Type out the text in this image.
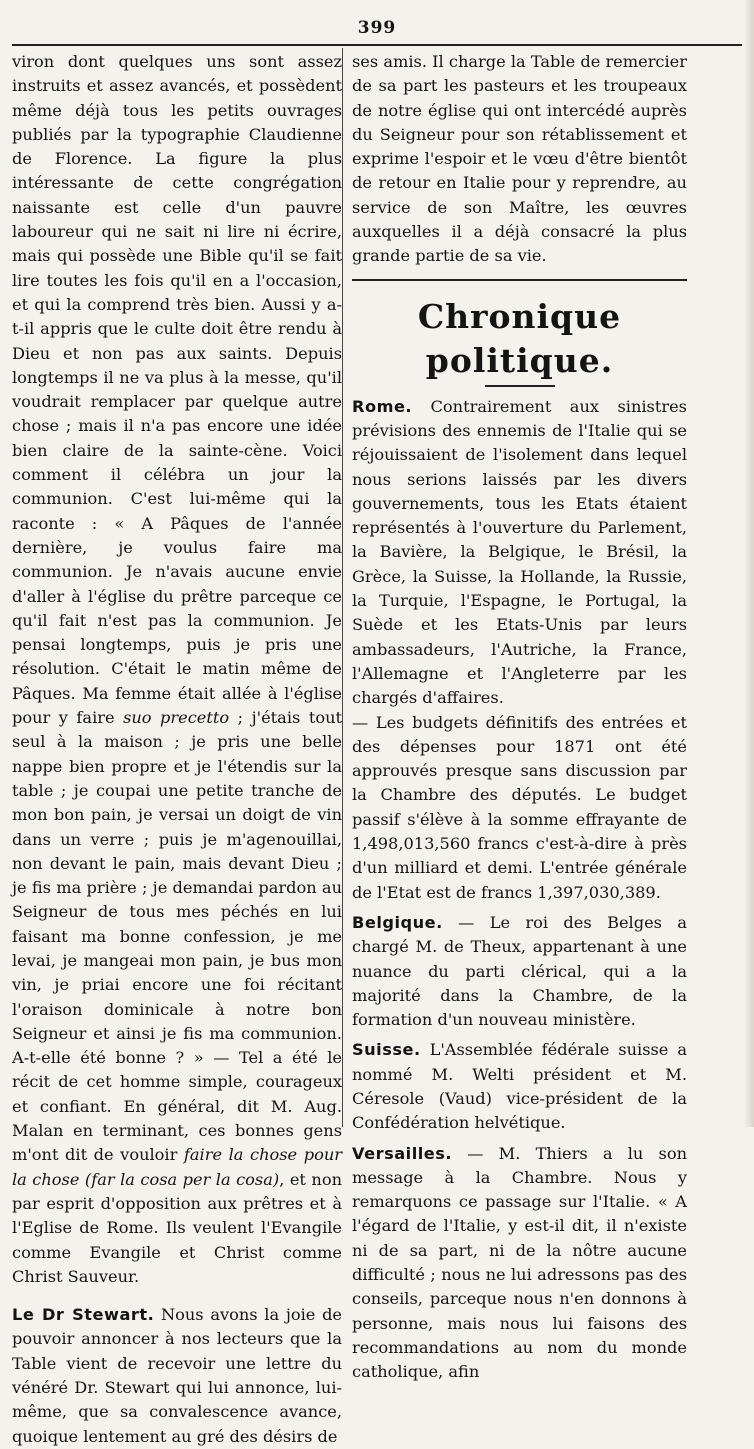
399

viron dont quelques uns sont assez instruits et assez avancés, et possèdent même déjà tous les petits ouvrages publiés par la typographie Claudienne de Florence. La figure la plus intéressante de cette congrégation naissante est celle d'un pauvre laboureur qui ne sait ni lire ni écrire, mais qui possède une Bible qu'il se fait lire toutes les fois qu'il en a l'occasion, et qui la comprend très bien. Aussi y a-t-il appris que le culte doit être rendu à Dieu et non pas aux saints. Depuis longtemps il ne va plus à la messe, qu'il voudrait remplacer par quelque autre chose ; mais il n'a pas encore une idée bien claire de la sainte-cène. Voici comment il célébra un jour la communion. C'est lui-même qui la raconte : « A Pâques de l'année dernière, je voulus faire ma communion. Je n'avais aucune envie d'aller à l'église du prêtre parceque ce qu'il fait n'est pas la communion. Je pensai longtemps, puis je pris une résolution. C'était le matin même de Pâques. Ma femme était allée à l'église pour y faire suo precetto ; j'étais tout seul à la maison ; je pris une belle nappe bien propre et je l'étendis sur la table ; je coupai une petite tranche de mon bon pain, je versai un doigt de vin dans un verre ; puis je m'agenouillai, non devant le pain, mais devant Dieu ; je fis ma prière ; je demandai pardon au Seigneur de tous mes péchés en lui faisant ma bonne confession, je me levai, je mangeai mon pain, je bus mon vin, je priai encore une foi récitant l'oraison dominicale à notre bon Seigneur et ainsi je fis ma communion. A-t-elle été bonne ? » — Tel a été le récit de cet homme simple, courageux et confiant. En général, dit M. Aug. Malan en terminant, ces bonnes gens m'ont dit de vouloir faire la chose pour la chose (far la cosa per la cosa), et non par esprit d'opposition aux prêtres et à l'Eglise de Rome. Ils veulent l'Evangile comme Evangile et Christ comme Christ Sauveur.

Le Dr Stewart. Nous avons la joie de pouvoir annoncer à nos lecteurs que la Table vient de recevoir une lettre du vénéré Dr. Stewart qui lui annonce, lui-même, que sa convalescence avance, quoique lentement au gré des désirs de

ses amis. Il charge la Table de remercier de sa part les pasteurs et les troupeaux de notre église qui ont intercédé auprès du Seigneur pour son rétablissement et exprime l'espoir et le vœu d'être bientôt de retour en Italie pour y reprendre, au service de son Maître, les œuvres auxquelles il a déjà consacré la plus grande partie de sa vie.

Chronique politique.

Rome. Contrairement aux sinistres prévisions des ennemis de l'Italie qui se réjouissaient de l'isolement dans lequel nous serions laissés par les divers gouvernements, tous les Etats étaient représentés à l'ouverture du Parlement, la Bavière, la Belgique, le Brésil, la Grèce, la Suisse, la Hollande, la Russie, la Turquie, l'Espagne, le Portugal, la Suède et les Etats-Unis par leurs ambassadeurs, l'Autriche, la France, l'Allemagne et l'Angleterre par les chargés d'affaires.

— Les budgets définitifs des entrées et des dépenses pour 1871 ont été approuvés presque sans discussion par la Chambre des députés. Le budget passif s'élève à la somme effrayante de 1,498,013,560 francs c'est-à-dire à près d'un milliard et demi. L'entrée générale de l'Etat est de francs 1,397,030,389.

Belgique. — Le roi des Belges a chargé M. de Theux, appartenant à une nuance du parti clérical, qui a la majorité dans la Chambre, de la formation d'un nouveau ministère.

Suisse. L'Assemblée fédérale suisse a nommé M. Welti président et M. Céresole (Vaud) vice-président de la Confédération helvétique.

Versailles. — M. Thiers a lu son message à la Chambre. Nous y remarquons ce passage sur l'Italie. « A l'égard de l'Italie, y est-il dit, il n'existe ni de sa part, ni de la nôtre aucune difficulté ; nous ne lui adressons pas des conseils, parceque nous n'en donnons à personne, mais nous lui faisons des recommandations au nom du monde catholique, afin
